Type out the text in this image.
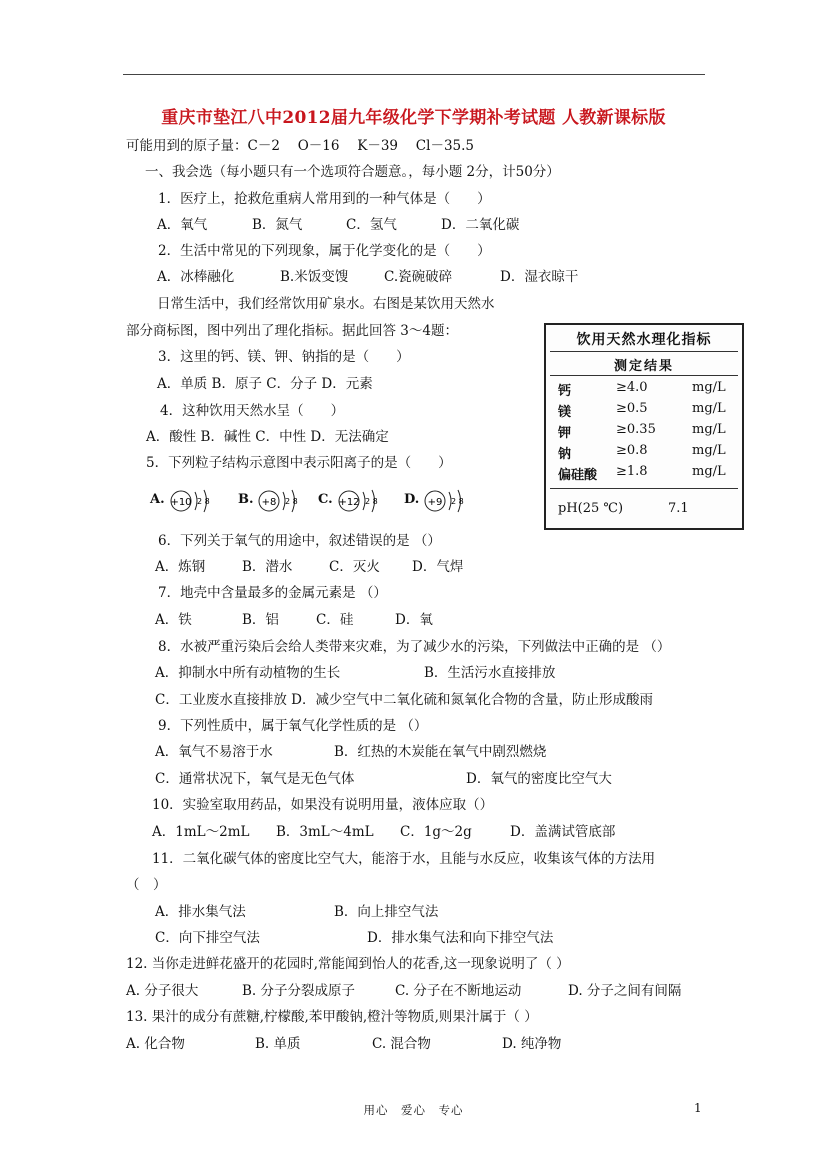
重庆市垫江八中2012届九年级化学下学期补考试题 人教新课标版
可能用到的原子量：C－2　 O－16　 K－39　 Cl－35.5
一、我会选（每小题只有一个选项符合题意。，每小题 2分，计50分）
1．医疗上，抢救危重病人常用到的一种气体是（　　）
A．氧气	B．氮气	C．氢气	D．二氧化碳
2．生活中常见的下列现象，属于化学变化的是（　　）
A．冰棒融化	B.米饭变馊	C.瓷碗破碎	D．湿衣晾干
日常生活中，我们经常饮用矿泉水。右图是某饮用天然水
部分商标图，图中列出了理化指标。据此回答 3～4题：
3．这里的钙、镁、钾、钠指的是（　　）
A．单质 B．原子 C．分子 D．元素
4．这种饮用天然水呈（　　）
A．酸性 B．碱性 C．中性 D．无法确定
饮用天然水理化指标
测定结果
钙	≥4.0	mg/L
镁	≥0.5	mg/L
钾	≥0.35	mg/L
钠	≥0.8	mg/L
偏硅酸 ≥1.8	mg/L
pH(25 ℃)	7.1
5．下列粒子结构示意图中表示阳离子的是（　　）
A. +10 2 8 B. +8 2 8 C. +12 2 8 D. +9 2 8
6．下列关于氧气的用途中，叙述错误的是 （）
A．炼钢	B．潜水	C．灭火 D．气焊
7．地壳中含量最多的金属元素是 （）
A．铁	B．铝	C．硅	D．氧
8．水被严重污染后会给人类带来灾难，为了减少水的污染，下列做法中正确的是 （）
A．抑制水中所有动植物的生长	B．生活污水直接排放
C．工业废水直接排放 D．减少空气中二氧化硫和氮氧化合物的含量，防止形成酸雨
9．下列性质中，属于氧气化学性质的是 （）
A．氧气不易溶于水	B．红热的木炭能在氧气中剧烈燃烧
C．通常状况下，氧气是无色气体	D．氧气的密度比空气大
10．实验室取用药品，如果没有说明用量，液体应取（）
A．1mL～2mL B．3mL～4mL C．1g～2g	D．盖满试管底部
11．二氧化碳气体的密度比空气大，能溶于水，且能与水反应，收集该气体的方法用
（　）
A．排水集气法	B．向上排空气法
C．向下排空气法	D．排水集气法和向下排空气法
12. 当你走进鲜花盛开的花园时,常能闻到怡人的花香,这一现象说明了（ ）
A. 分子很大	B. 分子分裂成原子	C. 分子在不断地运动	D. 分子之间有间隔
13. 果汁的成分有蔗糖,柠檬酸,苯甲酸钠,橙汁等物质,则果汁属于（ ）
A. 化合物	B. 单质	C. 混合物	D. 纯净物
用心　爱心　专心	1
